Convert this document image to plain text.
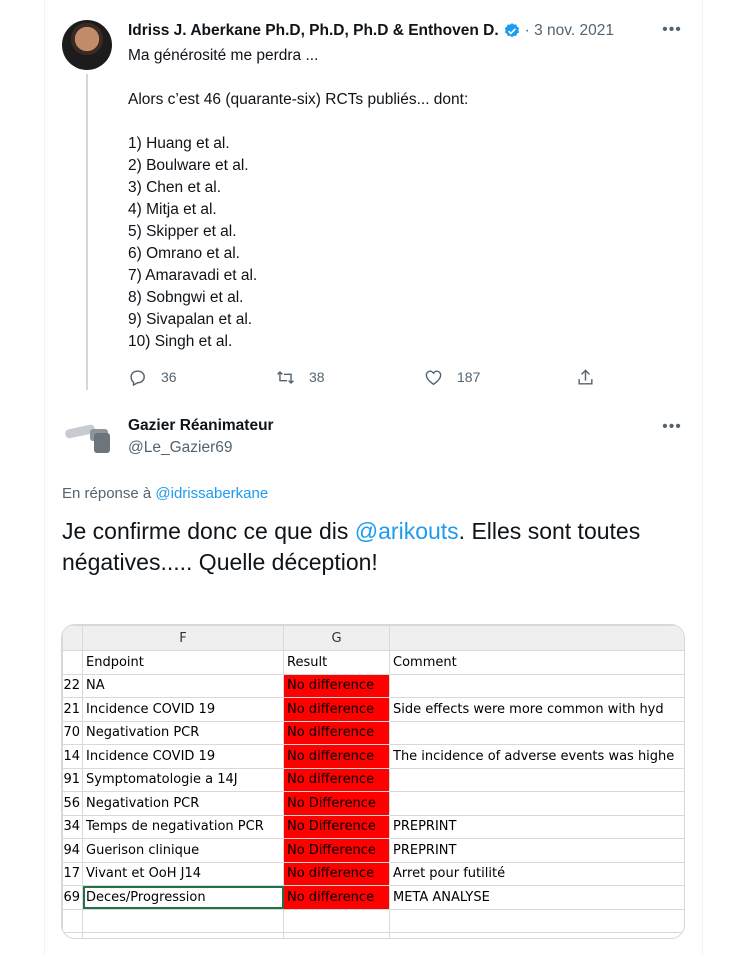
Idriss J. Aberkane Ph.D, Ph.D, Ph.D & Enthoven D. · 3 nov. 2021	•••
Ma générosité me perdra ...
Alors c’est 46 (quarante-six) RCTs publiés... dont:
1) Huang et al.
2) Boulware et al.
3) Chen et al.
4) Mitja et al.
5) Skipper et al.
6) Omrano et al.
7) Amaravadi et al.
8) Sobngwi et al.
9) Sivapalan et al.
10) Singh et al.
36	38	187
Gazier Réanimateur
@Le_Gazier69
•••
En réponse à @idrissaberkane
Je confirme donc ce que dis @arikouts. Elles sont toutes négatives..... Quelle déception!
	F	G	
	Endpoint	Result	Comment
22	NA	No difference	
21	Incidence COVID 19	No difference	Side effects were more common with hyd
70	Negativation PCR	No difference	
14	Incidence COVID 19	No difference	The incidence of adverse events was highe
91	Symptomatologie a 14J	No difference	
56	Negativation PCR	No Difference	
34	Temps de negativation PCR	No Difference	PREPRINT
94	Guerison clinique	No Difference	PREPRINT
17	Vivant et OoH J14	No difference	Arret pour futilité
69	Deces/Progression	No difference	META ANALYSE
